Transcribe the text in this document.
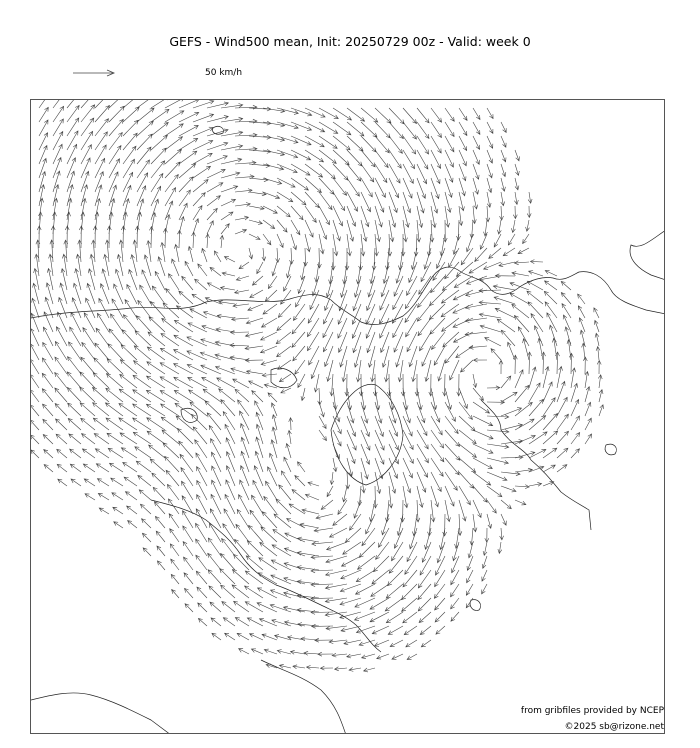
GEFS - Wind500 mean, Init: 20250729 00z - Valid: week 0
50 km/h
from gribfiles provided by NCEP
©2025 sb@rizone.net
